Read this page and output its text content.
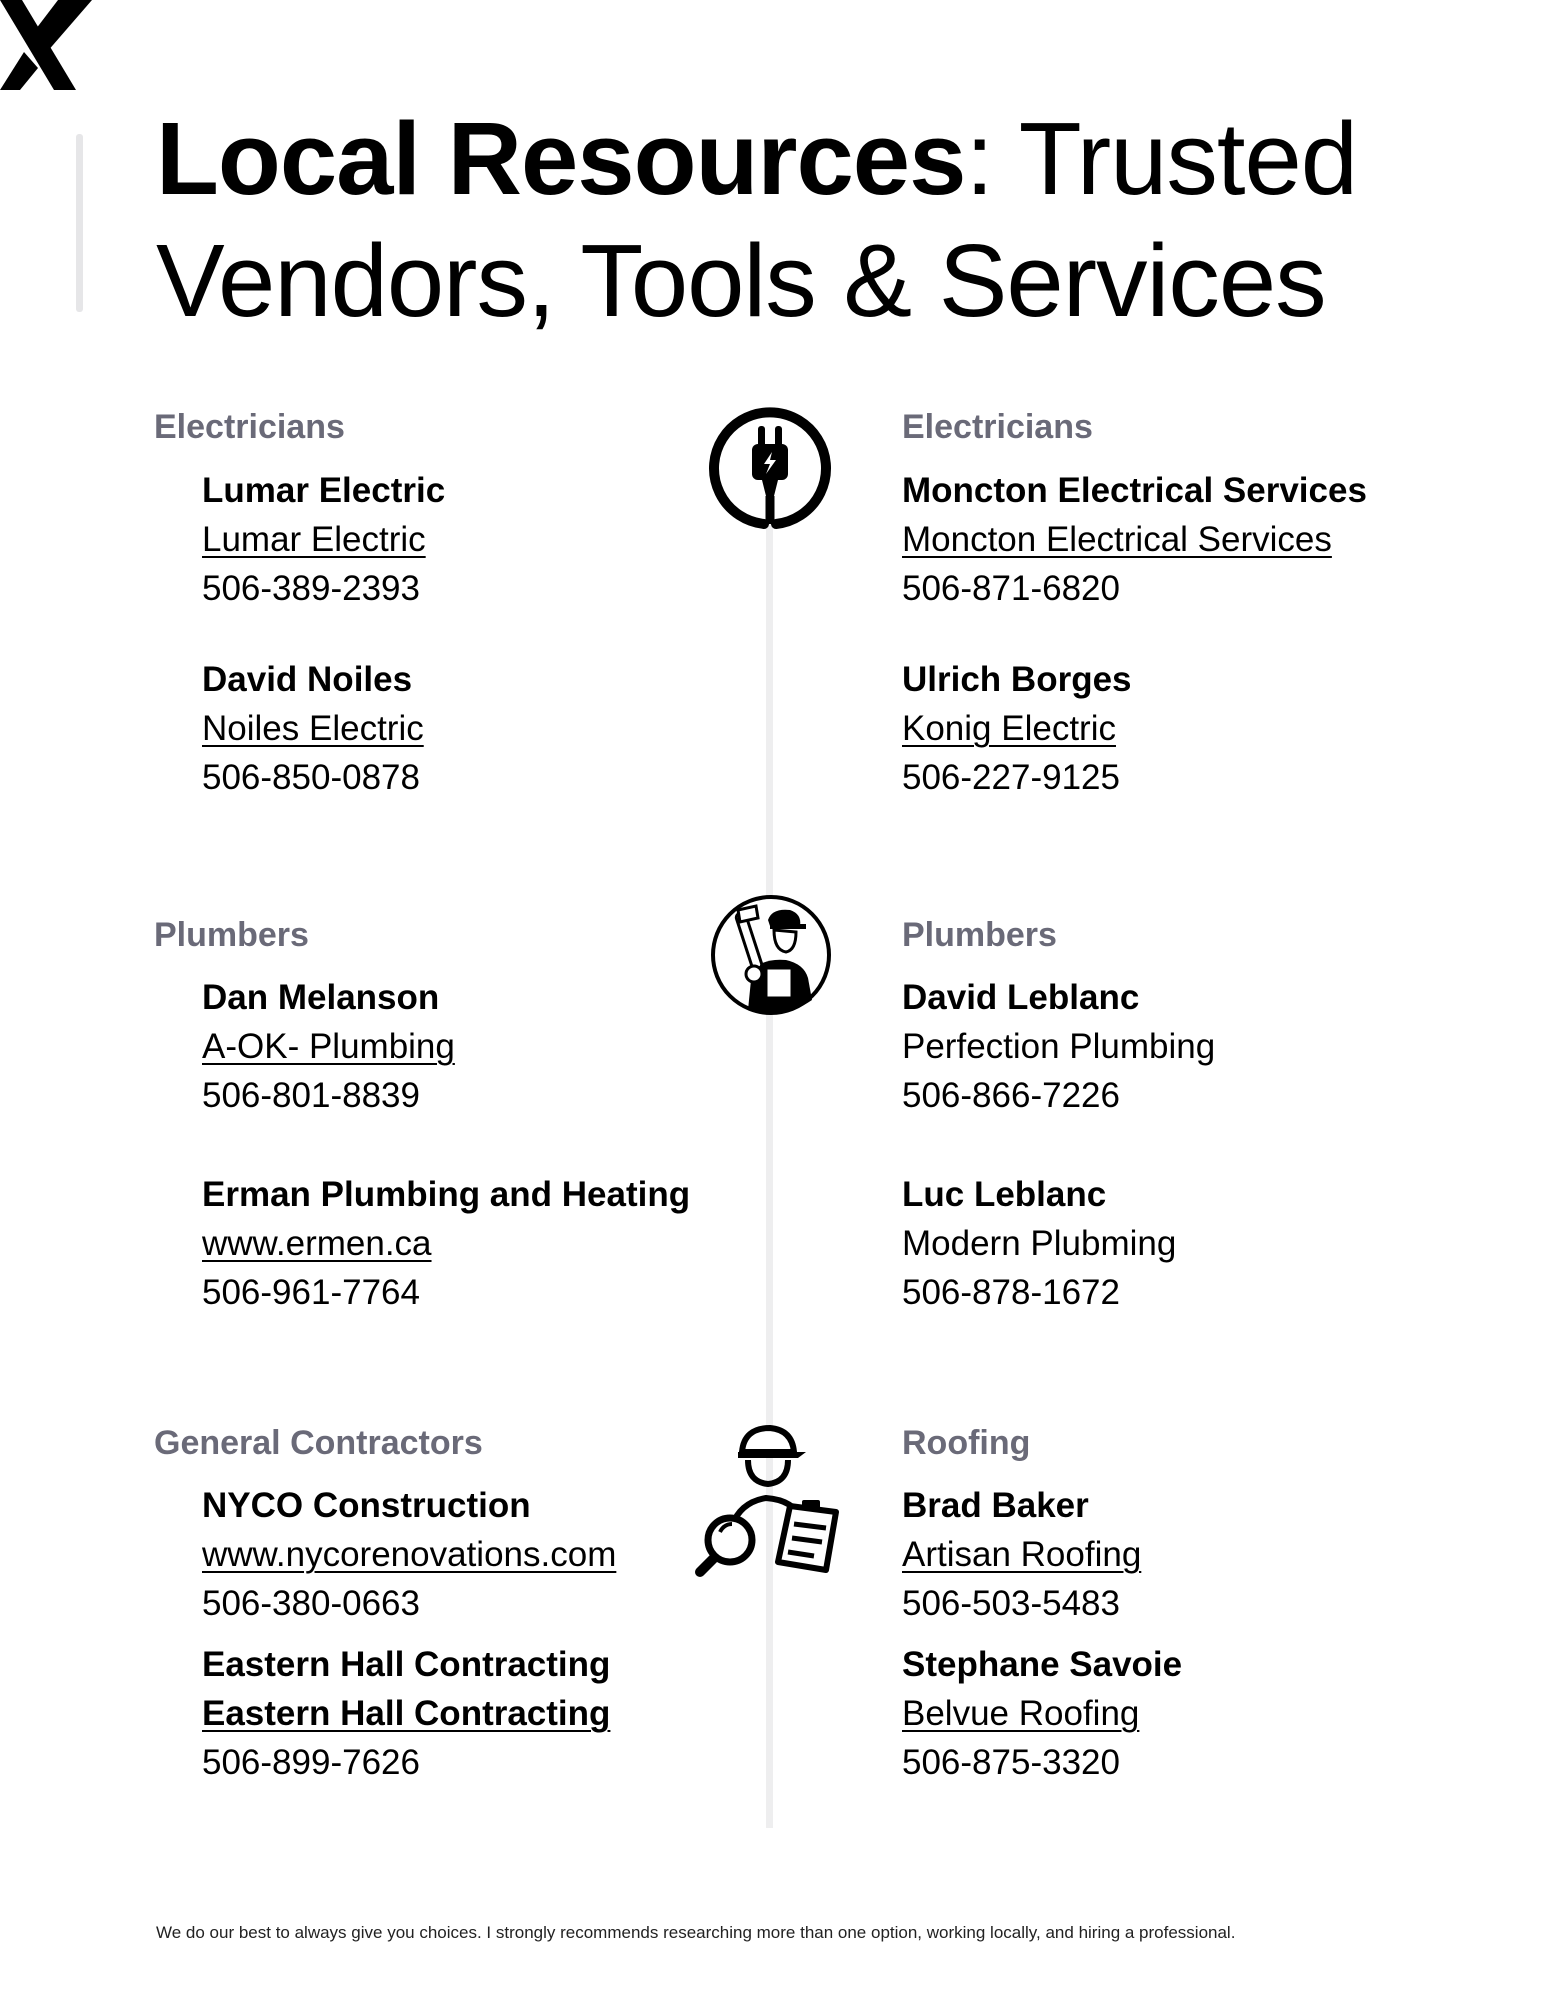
Local Resources: Trusted Vendors, Tools & Services
Electricians	Electricians
Lumar Electric
Lumar Electric
506-389-2393
David Noiles
Noiles Electric
506-850-0878
Moncton Electrical Services
Moncton Electrical Services
506-871-6820
Ulrich Borges
Konig Electric
506-227-9125
Plumbers	Plumbers
Dan Melanson
A-OK- Plumbing
506-801-8839
Erman Plumbing and Heating
www.ermen.ca
506-961-7764
David Leblanc
Perfection Plumbing
506-866-7226
Luc Leblanc
Modern Plubming
506-878-1672
General Contractors	Roofing
NYCO Construction
www.nycorenovations.com
506-380-0663
Eastern Hall Contracting
Eastern Hall Contracting
506-899-7626
Brad Baker
Artisan Roofing
506-503-5483
Stephane Savoie
Belvue Roofing
506-875-3320
We do our best to always give you choices. I strongly recommends researching more than one option, working locally, and hiring a professional.
